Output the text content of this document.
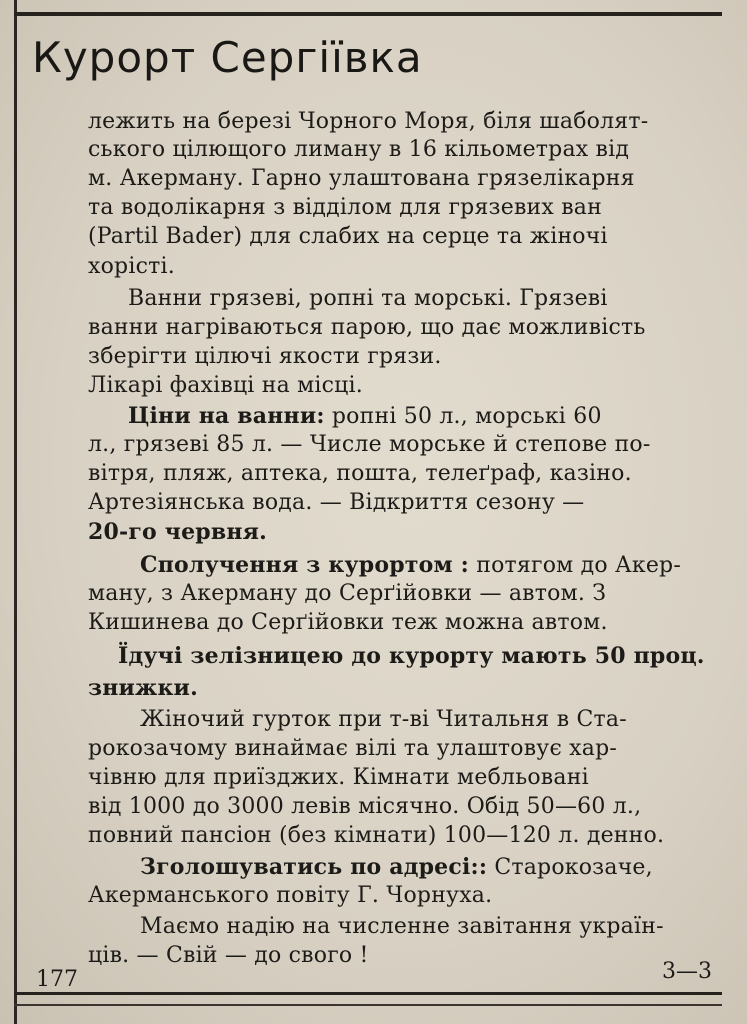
Курорт Сергіївка
лежить на березі Чорного Моря, біля шаболят-
ського цілющого лиману в 16 кільометрах від
м. Акерману. Гарно улаштована грязелікарня
та водолікарня з відділом для грязевих ван
(Partil Bader) для слабих на серце та жіночі
хорісті.
Ванни грязеві, ропні та морські. Грязеві
ванни нагріваються парою, що дає можливість
зберігти цілючі якости грязи.
Лікарі фахівці на місці.
Ціни на ванни: ропні 50 л., морські 60
л., грязеві 85 л. — Числе морське й степове по-
вітря, пляж, аптека, пошта, телеґраф, казіно.
Артезіянська вода. — Відкриття сезону —
20-го червня.
Сполучення з курортом : потягом до Акер-
ману, з Акерману до Серґійовки — автом. З
Кишинева до Серґійовки теж можна автом.
Їдучі зелізницею до курорту мають 50 проц.
знижки.
Жіночий гурток при т-ві Читальня в Ста-
рокозачому винаймає вілі та улаштовує хар-
чівню для приїзджих. Кімнати мебльовані
від 1000 до 3000 левів місячно. Обід 50—60 л.,
повний пансіон (без кімнати) 100—120 л. денно.
Зголошуватись по адресі:: Старокозаче,
Акерманського повіту Г. Чорнуха.
Маємо надію на численне завітання україн-
ців. — Свій — до свого !
177	3—3
